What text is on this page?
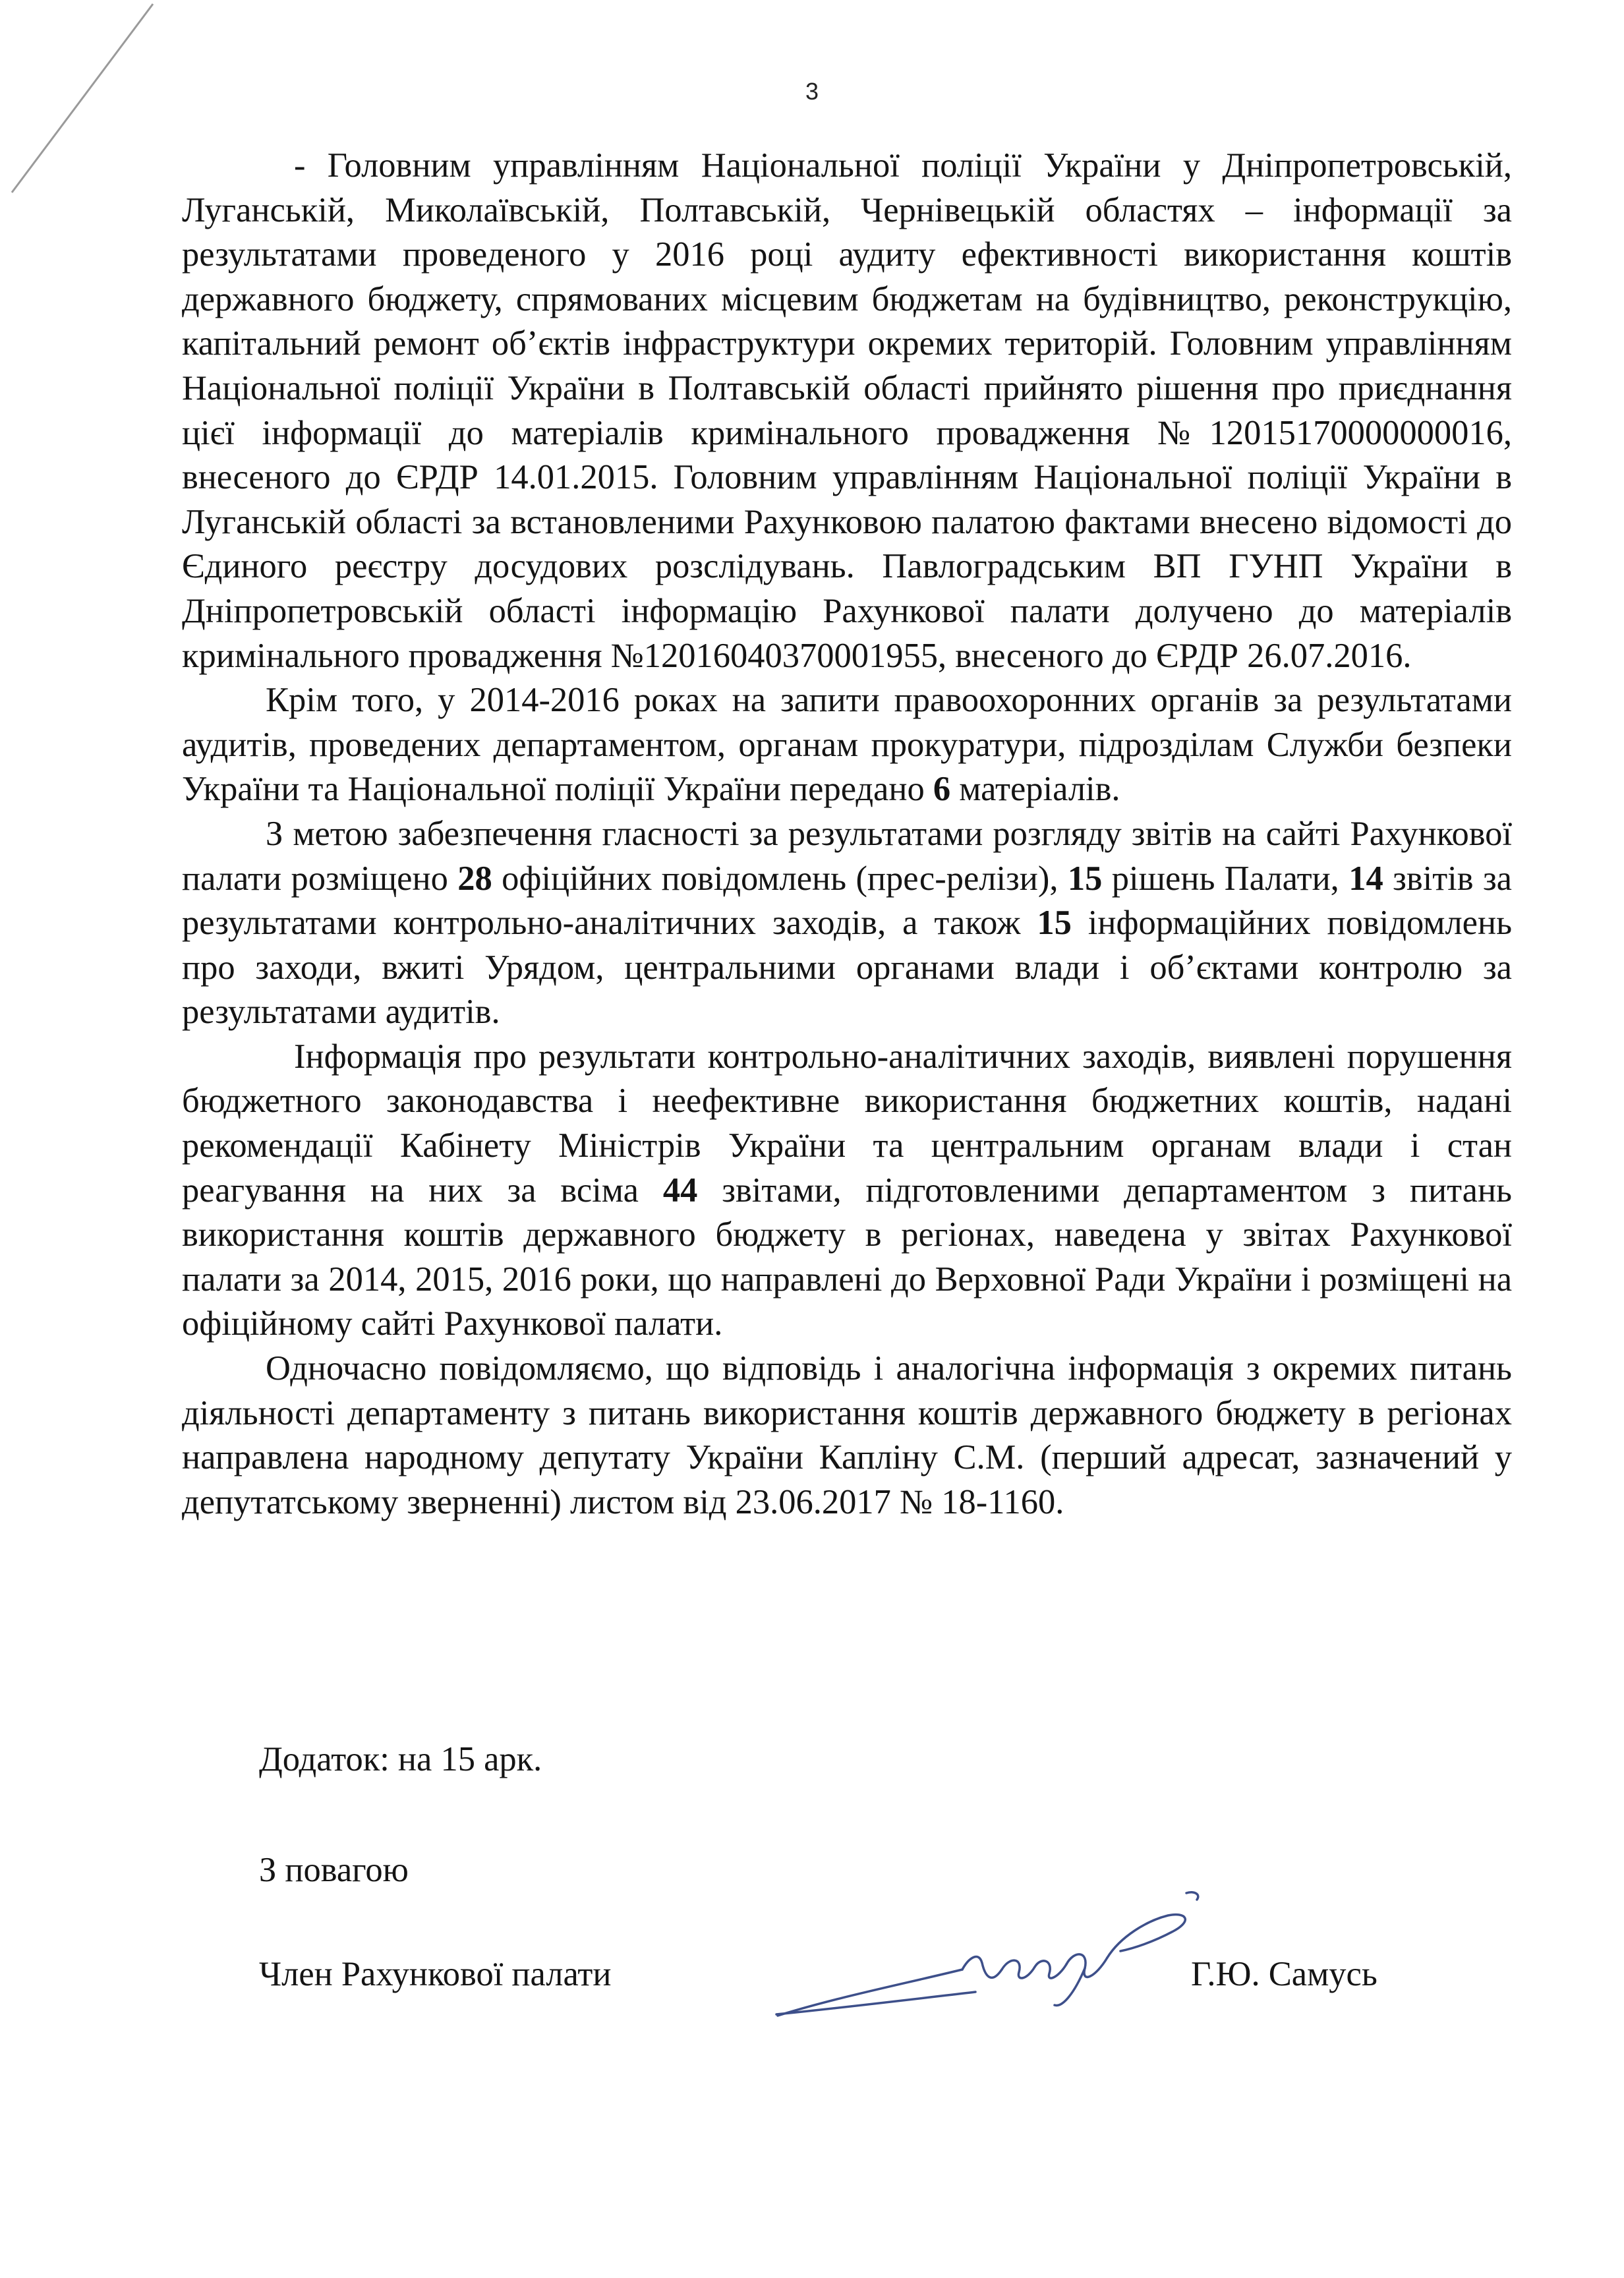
3

- Головним управлінням Національної поліції України у Дніпропетровській, Луганській, Миколаївській, Полтавській, Чернівецькій областях – інформації за результатами проведеного у 2016 році аудиту ефективності використання коштів державного бюджету, спрямованих місцевим бюджетам на будівництво, реконструкцію, капітальний ремонт об’єктів інфраструктури окремих територій. Головним управлінням Національної поліції України в Полтавській області прийнято рішення про приєднання цієї інформації до матеріалів кримінального провадження №12015170000000016, внесеного до ЄРДР 14.01.2015. Головним управлінням Національної поліції України в Луганській області за встановленими Рахунковою палатою фактами внесено відомості до Єдиного реєстру досудових розслідувань. Павлоградським ВП ГУНП України в Дніпропетровській області інформацію Рахункової палати долучено до матеріалів кримінального провадження №12016040370001955, внесеного до ЄРДР 26.07.2016.

Крім того, у 2014-2016 роках на запити правоохоронних органів за результатами аудитів, проведених департаментом, органам прокуратури, підрозділам Служби безпеки України та Національної поліції України передано 6 матеріалів.

З метою забезпечення гласності за результатами розгляду звітів на сайті Рахункової палати розміщено 28 офіційних повідомлень (прес-релізи), 15 рішень Палати, 14 звітів за результатами контрольно-аналітичних заходів, а також 15 інформаційних повідомлень про заходи, вжиті Урядом, центральними органами влади і об’єктами контролю за результатами аудитів.

Інформація про результати контрольно-аналітичних заходів, виявлені порушення бюджетного законодавства і неефективне використання бюджетних коштів, надані рекомендації Кабінету Міністрів України та центральним органам влади і стан реагування на них за всіма 44 звітами, підготовленими департаментом з питань використання коштів державного бюджету в регіонах, наведена у звітах Рахункової палати за 2014, 2015, 2016 роки, що направлені до Верховної Ради України і розміщені на офіційному сайті Рахункової палати.

Одночасно повідомляємо, що відповідь і аналогічна інформація з окремих питань діяльності департаменту з питань використання коштів державного бюджету в регіонах направлена народному депутату України Капліну С.М. (перший адресат, зазначений у депутатському зверненні) листом від 23.06.2017 № 18-1160.

Додаток: на 15 арк.
З повагою
Член Рахункової палати	Г.Ю. Самусь
